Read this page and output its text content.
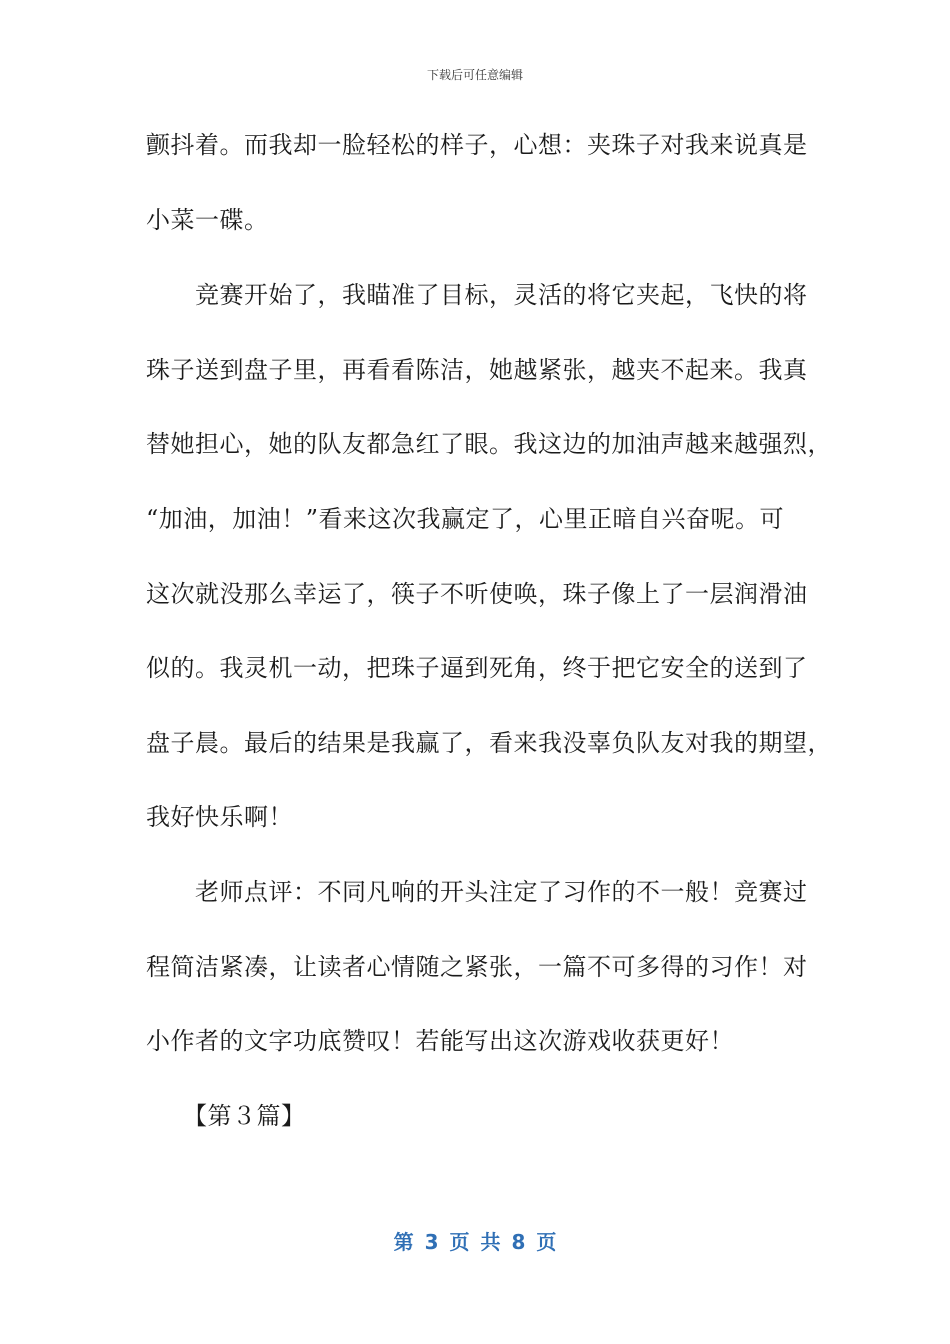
下载后可任意编辑
颤抖着。而我却一脸轻松的样子，心想：夹珠子对我来说真是
小菜一碟。
　　竞赛开始了，我瞄准了目标，灵活的将它夹起，飞快的将
珠子送到盘子里，再看看陈洁，她越紧张，越夹不起来。我真
替她担心，她的队友都急红了眼。我这边的加油声越来越强烈，
“加油，加油！”看来这次我赢定了，心里正暗自兴奋呢。可
这次就没那么幸运了，筷子不听使唤，珠子像上了一层润滑油
似的。我灵机一动，把珠子逼到死角，终于把它安全的送到了
盘子晨。最后的结果是我赢了，看来我没辜负队友对我的期望，
我好快乐啊！
　　老师点评：不同凡响的开头注定了习作的不一般！竞赛过
程简洁紧凑，让读者心情随之紧张，一篇不可多得的习作！对
小作者的文字功底赞叹！若能写出这次游戏收获更好！
　　【第３篇】
第 3 页 共 8 页
